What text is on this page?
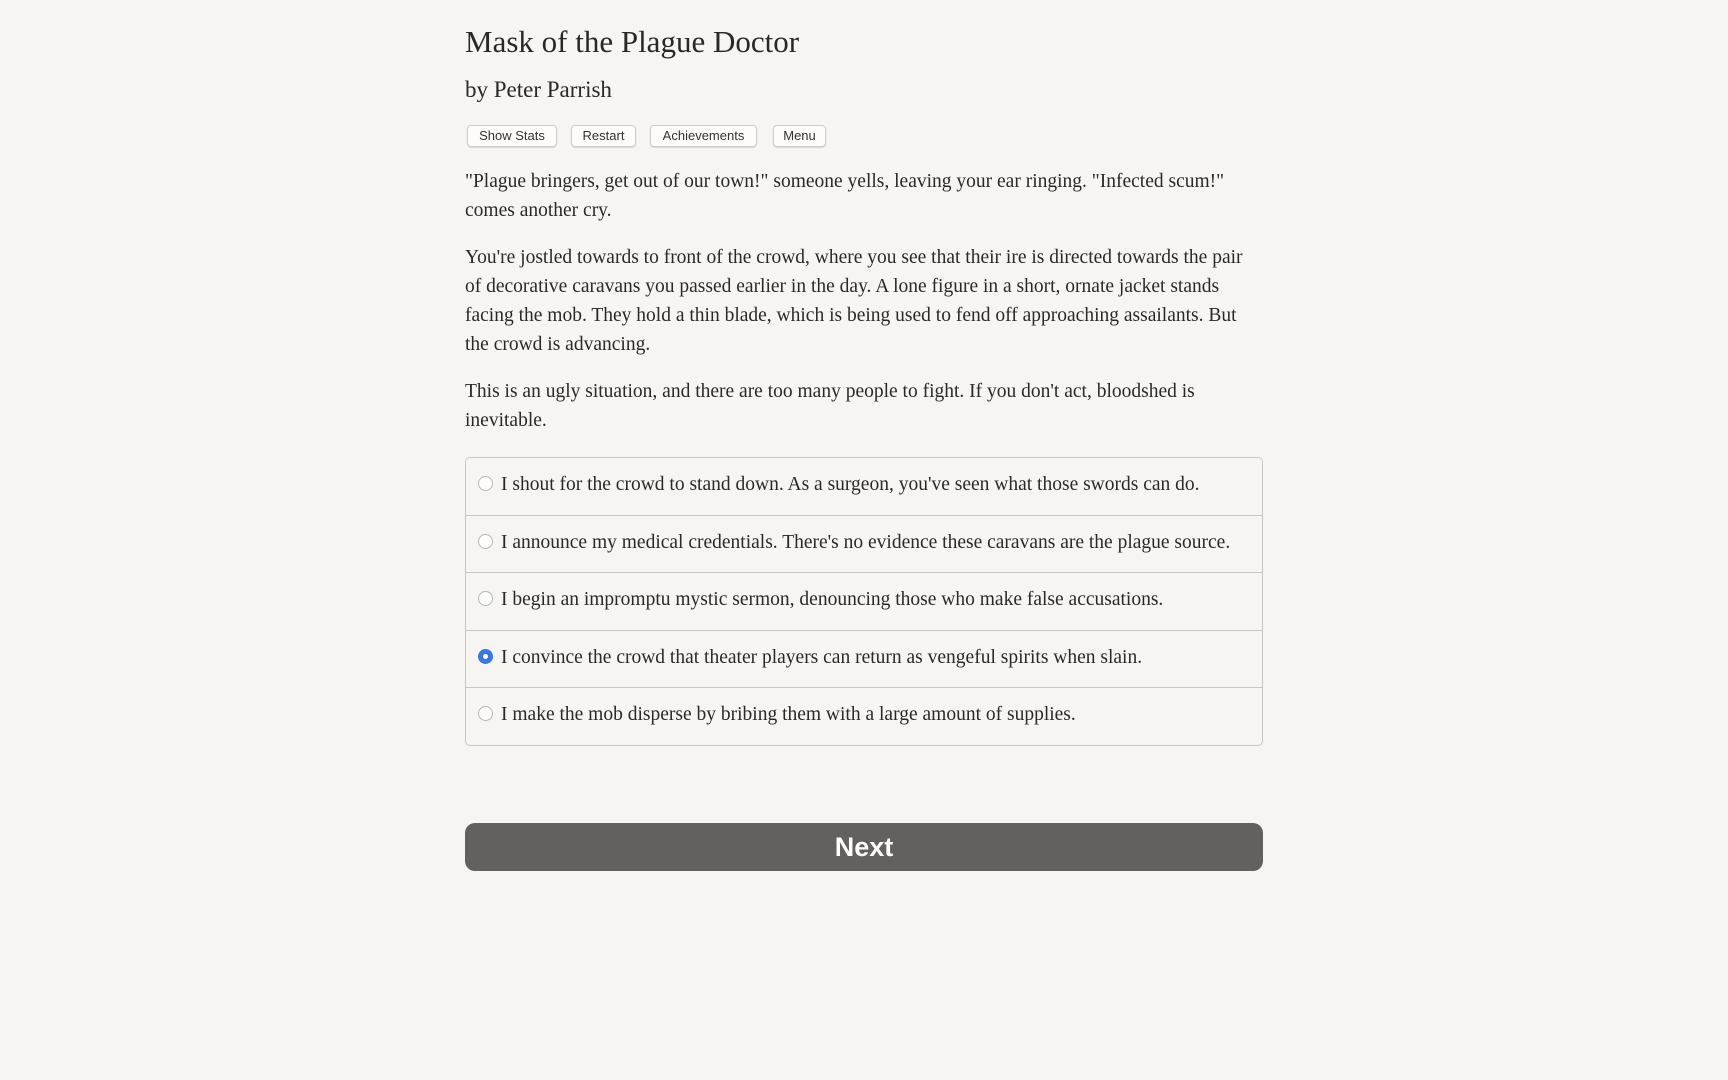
Mask of the Plague Doctor
by Peter Parrish
Show Stats	Restart	Achievements	Menu

"Plague bringers, get out of our town!" someone yells, leaving your ear ringing. "Infected scum!" comes another cry.

You're jostled towards to front of the crowd, where you see that their ire is directed towards the pair of decorative caravans you passed earlier in the day. A lone figure in a short, ornate jacket stands facing the mob. They hold a thin blade, which is being used to fend off approaching assailants. But the crowd is advancing.

This is an ugly situation, and there are too many people to fight. If you don't act, bloodshed is inevitable.

I shout for the crowd to stand down. As a surgeon, you've seen what those swords can do.
I announce my medical credentials. There's no evidence these caravans are the plague source.
I begin an impromptu mystic sermon, denouncing those who make false accusations.
I convince the crowd that theater players can return as vengeful spirits when slain.
I make the mob disperse by bribing them with a large amount of supplies.
Next
